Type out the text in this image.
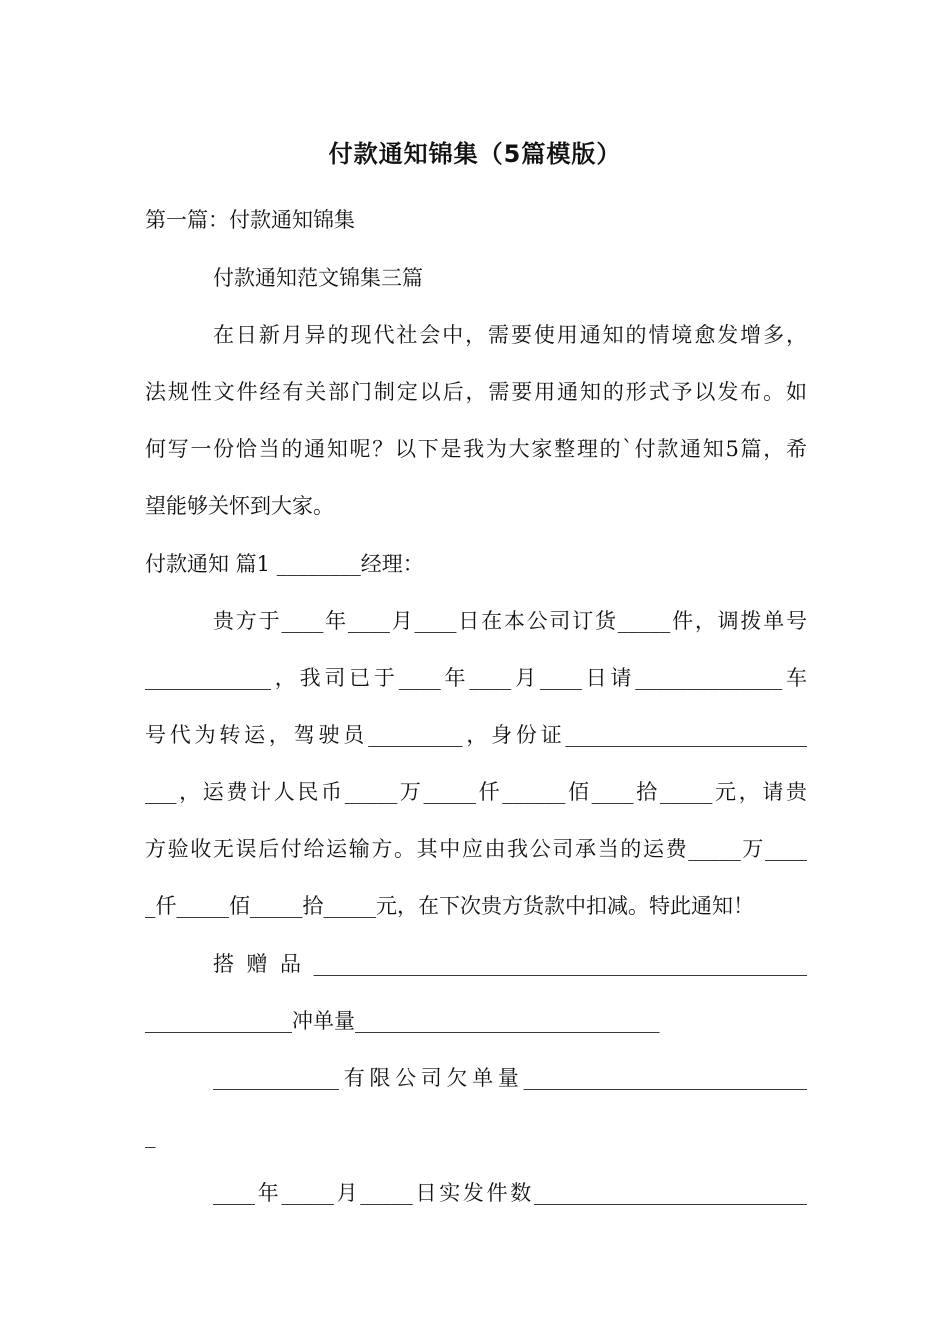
付款通知锦集（5篇模版）
第一篇：付款通知锦集
付款通知范文锦集三篇
在日新月异的现代社会中，需要使用通知的情境愈发增多，
法规性文件经有关部门制定以后，需要用通知的形式予以发布。如
何写一份恰当的通知呢？以下是我为大家整理的`付款通知5篇，希
望能够关怀到大家。
付款通知 篇1 ________经理：
贵方于____年____月____日在本公司订货_____件，调拨单号
____________，我司已于____年____月____日请______________车
号代为转运，驾驶员_________，身份证_______________________
___，运费计人民币_____万_____仟______佰____拾_____元，请贵
方验收无误后付给运输方。其中应由我公司承当的运费_____万____
_仟_____佰_____拾_____元，在下次贵方货款中扣减。特此通知！
搭赠品_______________________________________________
______________冲单量_____________________________
____________有限公司欠单量___________________________
_
____年_____月_____日实发件数__________________________
